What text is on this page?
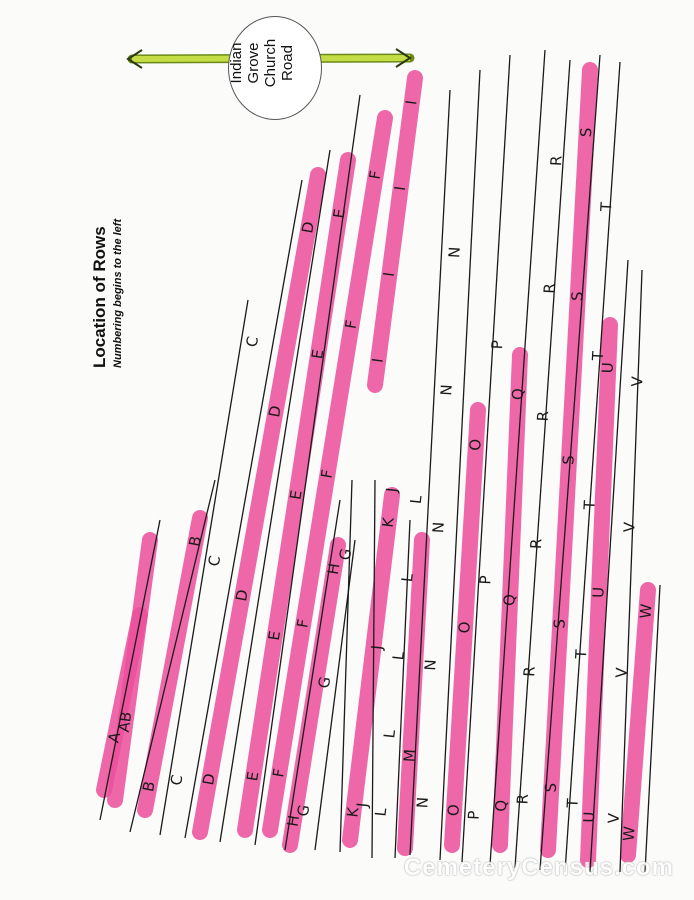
A
AB
B
B
C
C
C
D
D
D
D
E
E
E
E
E
F
F
F
F
F
G
G
G
H
H
I
I
I
I
J
J
J
K
K
L
L
L
L
L
M
N
N
N
N
N
O
O
O
P
P
P
Q
Q
Q
R
R
R
R
R
R
S
S
S
S
S
T
T
T
T
T
U
U
U
V
V
V
V
W
W
Location of Rows Numbering begins to the left
Indian Grove Church Road
CemeteryCensus.com
